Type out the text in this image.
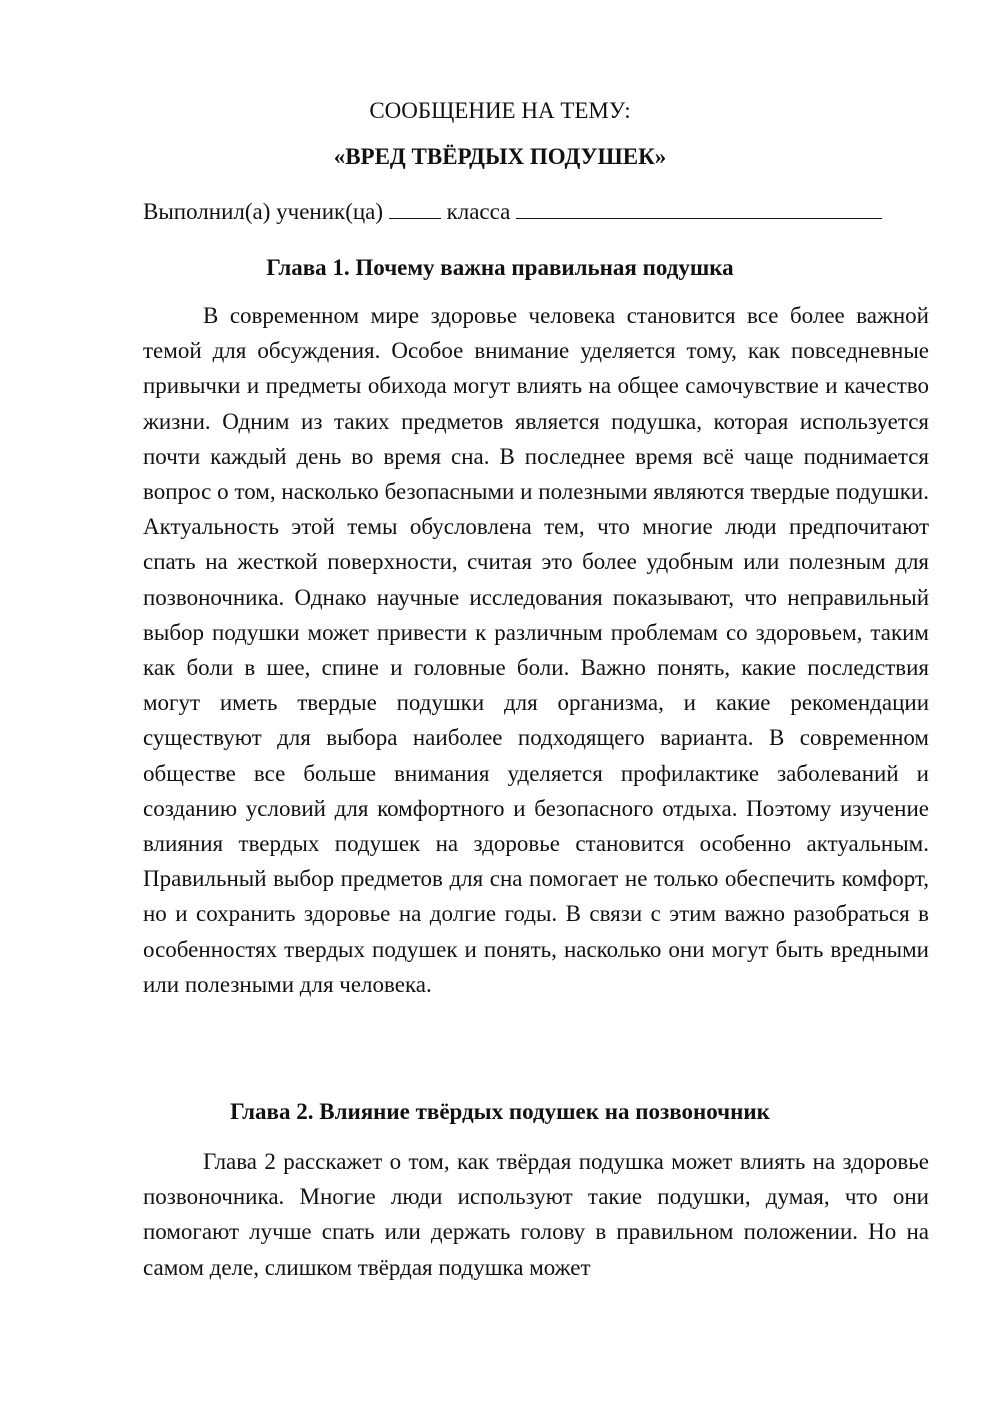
СООБЩЕНИЕ НА ТЕМУ:
«ВРЕД ТВЁРДЫХ ПОДУШЕК»
Выполнил(а) ученик(ца)	класса
Глава 1. Почему важна правильная подушка

В современном мире здоровье человека становится все более важной темой для обсуждения. Особое внимание уделяется тому, как повседневные привычки и предметы обихода могут влиять на общее самочувствие и качество жизни. Одним из таких предметов является подушка, которая используется почти каждый день во время сна. В последнее время всё чаще поднимается вопрос о том, насколько безопасными и полезными являются твердые подушки. Актуальность этой темы обусловлена тем, что многие люди предпочитают спать на жесткой поверхности, считая это более удобным или полезным для позвоночника. Однако научные исследования показывают, что неправильный выбор подушки может привести к различным проблемам со здоровьем, таким как боли в шее, спине и головные боли. Важно понять, какие последствия могут иметь твердые подушки для организма, и какие рекомендации существуют для выбора наиболее подходящего варианта. В современном обществе все больше внимания уделяется профилактике заболеваний и созданию условий для комфортного и безопасного отдыха. Поэтому изучение влияния твердых подушек на здоровье становится особенно актуальным. Правильный выбор предметов для сна помогает не только обеспечить комфорт, но и сохранить здоровье на долгие годы. В связи с этим важно разобраться в особенностях твердых подушек и понять, насколько они могут быть вредными или полезными для человека.

Глава 2. Влияние твёрдых подушек на позвоночник

Глава 2 расскажет о том, как твёрдая подушка может влиять на здоровье позвоночника. Многие люди используют такие подушки, думая, что они помогают лучше спать или держать голову в правильном положении. Но на самом деле, слишком твёрдая подушка может
